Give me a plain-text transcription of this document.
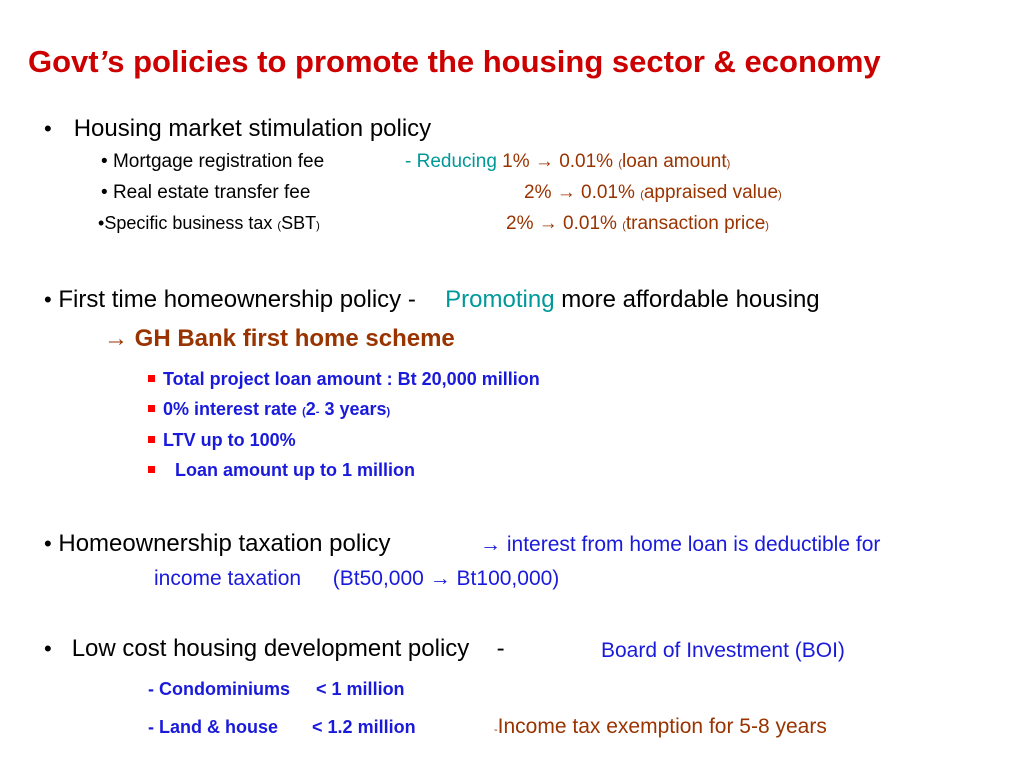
Govt’s policies to promote the housing sector & economy
• Housing market stimulation policy
• Mortgage registration fee	- Reducing 1% → 0.01% (loan amount)
• Real estate transfer fee	2% → 0.01% (appraised value)
•Specific business tax (SBT)	2% → 0.01% (transaction price)
• First time homeownership policy - Promoting more affordable housing
→ GH Bank first home scheme
Total project loan amount : Bt 20,000 million
0% interest rate (2- 3 years)
LTV up to 100%
Loan amount up to 1 million
• Homeownership taxation policy	→ interest from home loan is deductible for
income taxation (Bt50,000 → Bt100,000)
• Low cost housing development policy -	Board of Investment (BOI)
- Condominiums < 1 million
- Land & house < 1.2 million	-Income tax exemption for 5-8 years
